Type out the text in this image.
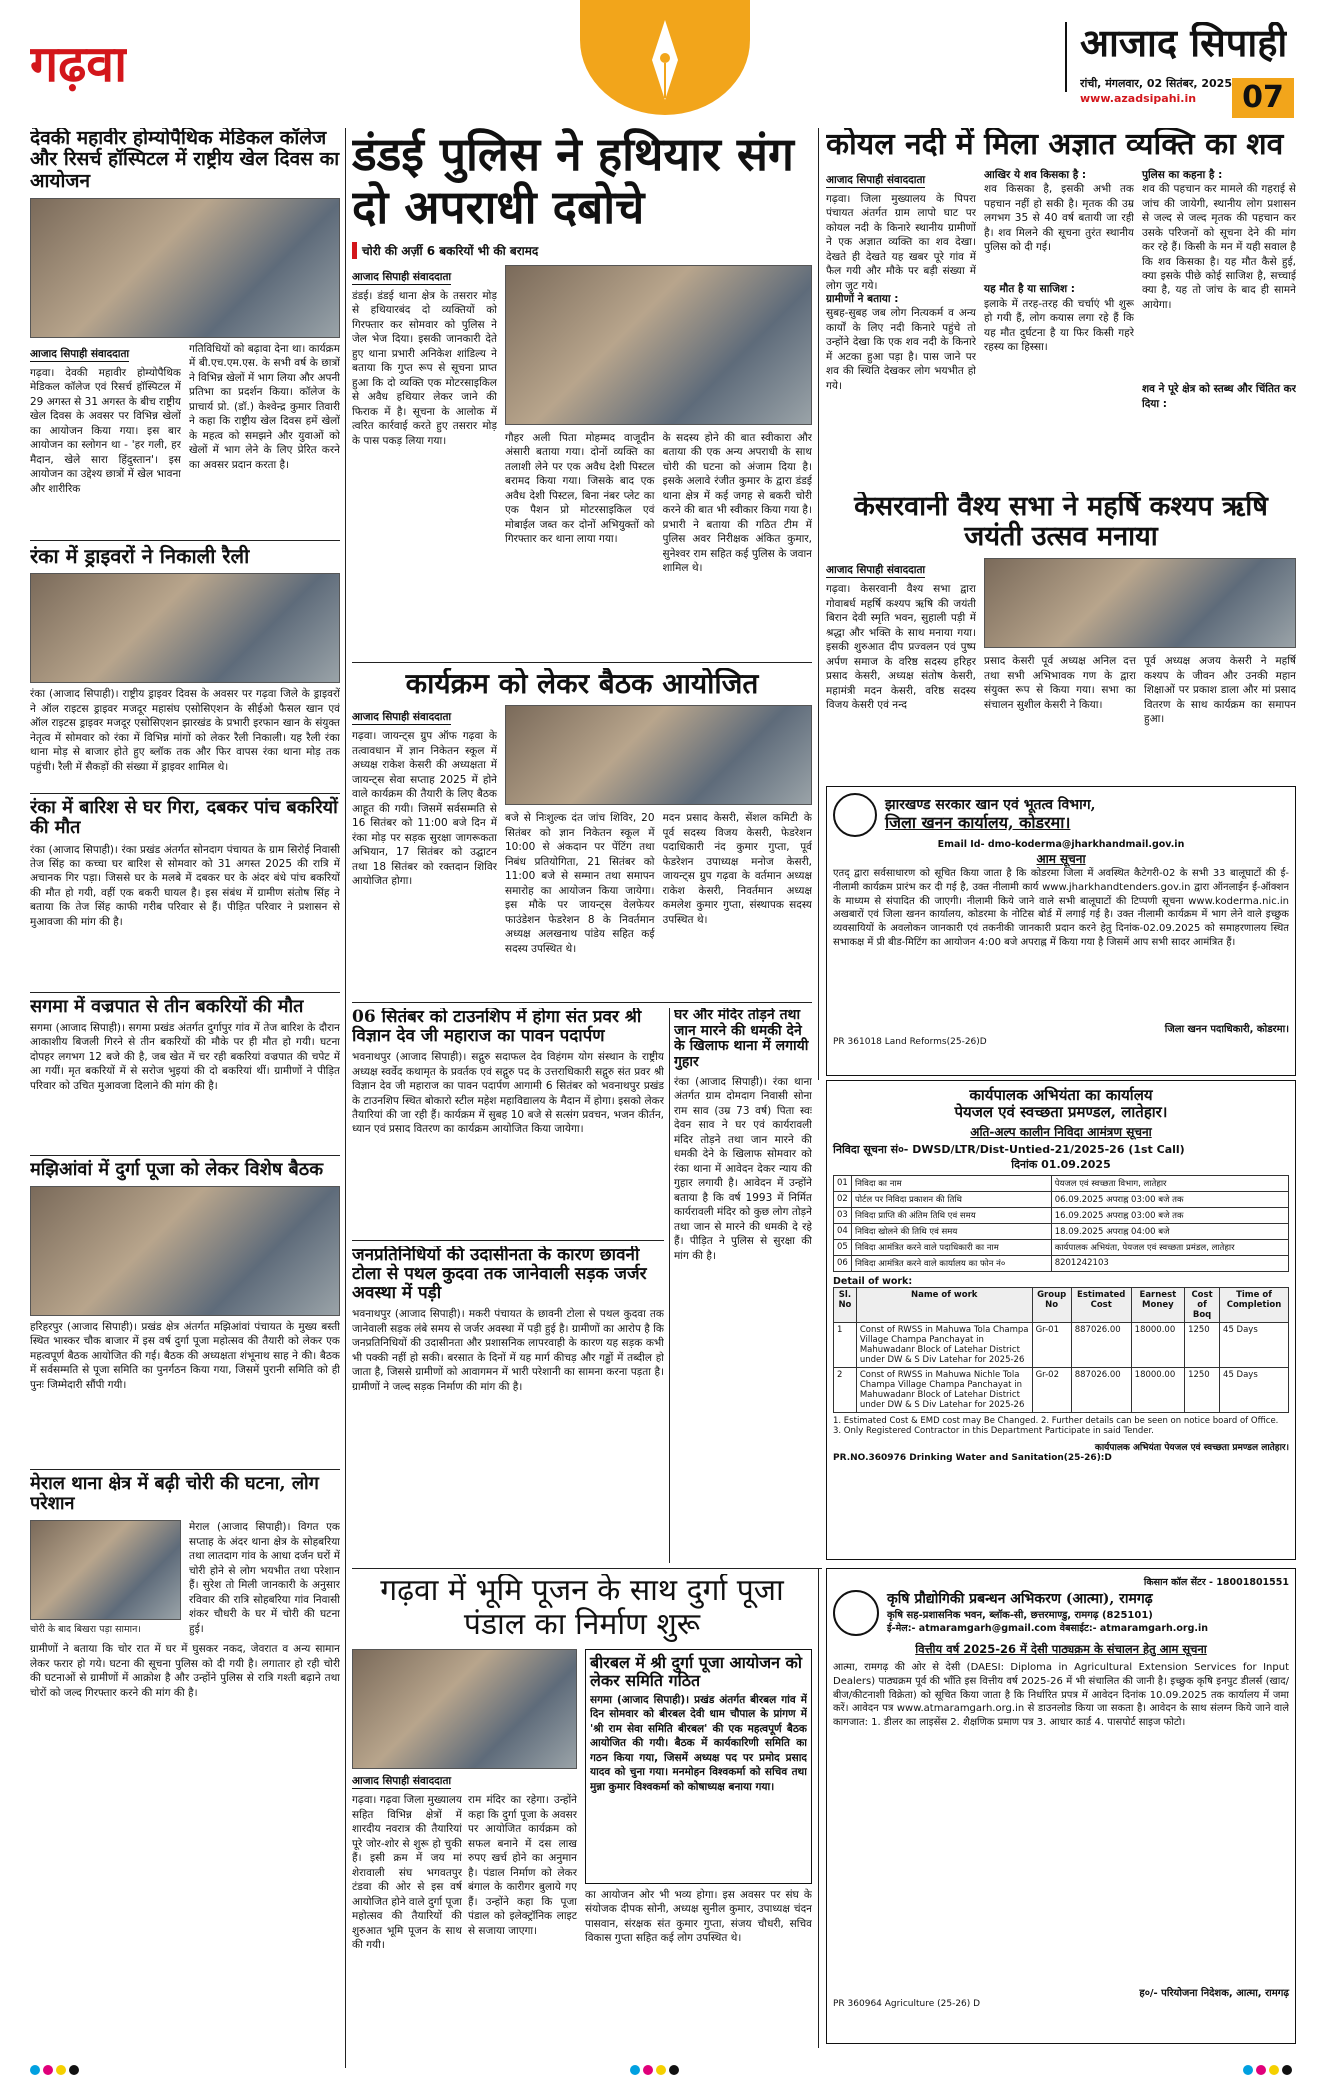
गढ़वा	आजाद सिपाही
रांची, मंगलवार, 02 सितंबर, 2025
www.azadsipahi.in	07
देवकी महावीर होम्योपैथिक मेडिकल कॉलेज और रिसर्च हॉस्पिटल में राष्ट्रीय खेल दिवस का आयोजन
आजाद सिपाही संवाददाता
गढ़वा। देवकी महावीर होम्योपैथिक मेडिकल कॉलेज एवं रिसर्च हॉस्पिटल में 29 अगस्त से 31 अगस्त के बीच राष्ट्रीय खेल दिवस के अवसर पर विभिन्न खेलों का आयोजन किया गया। इस बार आयोजन का स्लोगन था - 'हर गली, हर मैदान, खेले सारा हिंदुस्तान'। इस आयोजन का उद्देश्य छात्रों में खेल भावना और शारीरिक
गतिविधियों को बढ़ावा देना था। कार्यक्रम में बी.एच.एम.एस. के सभी वर्ष के छात्रों ने विभिन्न खेलों में भाग लिया और अपनी प्रतिभा का प्रदर्शन किया। कॉलेज के प्राचार्य प्रो. (डॉ.) केश्वेन्द्र कुमार तिवारी ने कहा कि राष्ट्रीय खेल दिवस हमें खेलों के महत्व को समझने और युवाओं को खेलों में भाग लेने के लिए प्रेरित करने का अवसर प्रदान करता है।
रंका में ड्राइवरों ने निकाली रैली
रंका (आजाद सिपाही)। राष्ट्रीय ड्राइवर दिवस के अवसर पर गढ़वा जिले के ड्राइवरों ने ऑल राइटस ड्राइवर मजदूर महासंघ एसोसिएशन के सीईओ फैसल खान एवं ऑल राइटस ड्राइवर मजदूर एसोसिएशन झारखंड के प्रभारी इरफान खान के संयुक्त नेतृत्व में सोमवार को रंका में विभिन्न मांगों को लेकर रैली निकाली। यह रैली रंका थाना मोड़ से बाजार होते हुए ब्लॉक तक और फिर वापस रंका थाना मोड़ तक पहुंची। रैली में सैकड़ों की संख्या में ड्राइवर शामिल थे।
रंका में बारिश से घर गिरा, दबकर पांच बकरियों की मौत
रंका (आजाद सिपाही)। रंका प्रखंड अंतर्गत सोनदाग पंचायत के ग्राम सिरोई निवासी तेज सिंह का कच्चा घर बारिश से सोमवार को 31 अगस्त 2025 की रात्रि में अचानक गिर पड़ा। जिससे घर के मलबे में दबकर घर के अंदर बंधे पांच बकरियों की मौत हो गयी, वहीं एक बकरी घायल है। इस संबंध में ग्रामीण संतोष सिंह ने बताया कि तेज सिंह काफी गरीब परिवार से हैं। पीड़ित परिवार ने प्रशासन से मुआवजा की मांग की है।
सगमा में वज्रपात से तीन बकरियों की मौत
सगमा (आजाद सिपाही)। सगमा प्रखंड अंतर्गत दुर्गापुर गांव में तेज बारिश के दौरान आकाशीय बिजली गिरने से तीन बकरियों की मौके पर ही मौत हो गयी। घटना दोपहर लगभग 12 बजे की है, जब खेत में चर रही बकरियां वज्रपात की चपेट में आ गयीं। मृत बकरियों में से सरोज भुइयां की दो बकरियां थीं। ग्रामीणों ने पीड़ित परिवार को उचित मुआवजा दिलाने की मांग की है।
मझिआंवां में दुर्गा पूजा को लेकर विशेष बैठक
हरिहरपुर (आजाद सिपाही)। प्रखंड क्षेत्र अंतर्गत मझिआंवां पंचायत के मुख्य बस्ती स्थित भास्कर चौक बाजार में इस वर्ष दुर्गा पूजा महोत्सव की तैयारी को लेकर एक महत्वपूर्ण बैठक आयोजित की गई। बैठक की अध्यक्षता शंभूनाथ साह ने की। बैठक में सर्वसम्मति से पूजा समिति का पुनर्गठन किया गया, जिसमें पुरानी समिति को ही पुनः जिम्मेदारी सौंपी गयी।
मेराल थाना क्षेत्र में बढ़ी चोरी की घटना, लोग परेशान
चोरी के बाद बिखरा पड़ा सामान।
मेराल (आजाद सिपाही)। विगत एक सप्ताह के अंदर थाना क्षेत्र के सोहबरिया तथा लातदाग गांव के आधा दर्जन घरों में चोरी होने से लोग भयभीत तथा परेशान हैं। सुरेश तो मिली जानकारी के अनुसार रविवार की रात्रि सोहबरिया गांव निवासी शंकर चौधरी के घर में चोरी की घटना हुई।
ग्रामीणों ने बताया कि चोर रात में घर में घुसकर नकद, जेवरात व अन्य सामान लेकर फरार हो गये। घटना की सूचना पुलिस को दी गयी है। लगातार हो रही चोरी की घटनाओं से ग्रामीणों में आक्रोश है और उन्होंने पुलिस से रात्रि गश्ती बढ़ाने तथा चोरों को जल्द गिरफ्तार करने की मांग की है।
डंडई पुलिस ने हथियार संग दो अपराधी दबोचे
चोरी की अर्ज़ी 6 बकरियों भी की बरामद
आजाद सिपाही संवाददाता
डंडई। डंडई थाना क्षेत्र के तसरार मोड़ से हथियारबंद दो व्यक्तियों को गिरफ्तार कर सोमवार को पुलिस ने जेल भेज दिया। इसकी जानकारी देते हुए थाना प्रभारी अनिकेश शांडिल्य ने बताया कि गुप्त रूप से सूचना प्राप्त हुआ कि दो व्यक्ति एक मोटरसाइकिल से अवैध हथियार लेकर जाने की फिराक में है। सूचना के आलोक में त्वरित कार्रवाई करते हुए तसरार मोड़ के पास पकड़ लिया गया।	गौहर अली पिता मोहम्मद वाजूदीन अंसारी बताया गया। दोनों व्यक्ति का तलाशी लेने पर एक अवैध देशी पिस्टल बरामद किया गया। जिसके बाद एक अवैध देशी पिस्टल, बिना नंबर प्लेट का एक पैशन प्रो मोटरसाइकिल एवं मोबाईल जब्त कर दोनों अभियुक्तों को गिरफ्तार कर थाना लाया गया।
के सदस्य होने की बात स्वीकारा और बताया की एक अन्य अपराधी के साथ चोरी की घटना को अंजाम दिया है। इसके अलावे रंजीत कुमार के द्वारा डंडई थाना क्षेत्र में कई जगह से बकरी चोरी करने की बात भी स्वीकार किया गया है। प्रभारी ने बताया की गठित टीम में पुलिस अवर निरीक्षक अंकित कुमार, सुनेश्वर राम सहित कई पुलिस के जवान शामिल थे।
कार्यक्रम को लेकर बैठक आयोजित
आजाद सिपाही संवाददाता
गढ़वा। जायन्ट्स ग्रुप ऑफ गढ़वा के तत्वावधान में ज्ञान निकेतन स्कूल में अध्यक्ष राकेश केसरी की अध्यक्षता में जायन्ट्स सेवा सप्ताह 2025 में होने वाले कार्यक्रम की तैयारी के लिए बैठक आहूत की गयी। जिसमें सर्वसम्मति से 16 सितंबर को 11:00 बजे दिन में रंका मोड़ पर सड़क सुरक्षा जागरूकता अभियान, 17 सितंबर को उद्घाटन तथा 18 सितंबर को रक्तदान शिविर आयोजित होगा।
बजे से निःशुल्क दंत जांच शिविर, 20 सितंबर को ज्ञान निकेतन स्कूल में 10:00 से अंकदान पर पेंटिंग तथा निबंध प्रतियोगिता, 21 सितंबर को 11:00 बजे से सम्मान तथा समापन समारोह का आयोजन किया जायेगा। इस मौके पर जायन्ट्स वेलफेयर फाउंडेशन फेडरेशन 8 के निवर्तमान अध्यक्ष अलखनाथ पांडेय सहित कई सदस्य उपस्थित थे।
मदन प्रसाद केसरी, सेंशल कमिटी के पूर्व सदस्य विजय केसरी, फेडरेशन पदाधिकारी नंद कुमार गुप्ता, पूर्व फेडरेशन उपाध्यक्ष मनोज केसरी, जायन्ट्स ग्रुप गढ़वा के वर्तमान अध्यक्ष राकेश केसरी, निवर्तमान अध्यक्ष कमलेश कुमार गुप्ता, संस्थापक सदस्य उपस्थित थे।
06 सितंबर को टाउनशिप में होगा संत प्रवर श्री विज्ञान देव जी महाराज का पावन पदार्पण
भवनाथपुर (आजाद सिपाही)। सद्गुरु सदाफल देव विहंगम योग संस्थान के राष्ट्रीय अध्यक्ष स्वर्वेद कथामृत के प्रवर्तक एवं सद्गुरु पद के उत्तराधिकारी सद्गुरु संत प्रवर श्री विज्ञान देव जी महाराज का पावन पदार्पण आगामी 6 सितंबर को भवनाथपुर प्रखंड के टाउनशिप स्थित बोकारो स्टील महेश महाविद्यालय के मैदान में होगा। इसको लेकर तैयारियां की जा रही हैं। कार्यक्रम में सुबह 10 बजे से सत्संग प्रवचन, भजन कीर्तन, ध्यान एवं प्रसाद वितरण का कार्यक्रम आयोजित किया जायेगा।
घर और मंदिर तोड़ने तथा जान मारने की धमकी देने के खिलाफ थाना में लगायी गुहार
रंका (आजाद सिपाही)। रंका थाना अंतर्गत ग्राम दोमदाग निवासी सोना राम साव (उम्र 73 वर्ष) पिता स्वः देवन साव ने घर एवं कार्यरावली मंदिर तोड़ने तथा जान मारने की धमकी देने के खिलाफ सोमवार को रंका थाना में आवेदन देकर न्याय की गुहार लगायी है। आवेदन में उन्होंने बताया है कि वर्ष 1993 में निर्मित कार्यरावली मंदिर को कुछ लोग तोड़ने तथा जान से मारने की धमकी दे रहे हैं। पीड़ित ने पुलिस से सुरक्षा की मांग की है।
जनप्रतिनिधियों की उदासीनता के कारण छावनी टोला से पथल कुदवा तक जानेवाली सड़क जर्जर अवस्था में पड़ी
भवनाथपुर (आजाद सिपाही)। मकरी पंचायत के छावनी टोला से पथल कुदवा तक जानेवाली सड़क लंबे समय से जर्जर अवस्था में पड़ी हुई है। ग्रामीणों का आरोप है कि जनप्रतिनिधियों की उदासीनता और प्रशासनिक लापरवाही के कारण यह सड़क कभी भी पक्की नहीं हो सकी। बरसात के दिनों में यह मार्ग कीचड़ और गड्ढों में तब्दील हो जाता है, जिससे ग्रामीणों को आवागमन में भारी परेशानी का सामना करना पड़ता है। ग्रामीणों ने जल्द सड़क निर्माण की मांग की है।
कोयल नदी में मिला अज्ञात व्यक्ति का शव
आजाद सिपाही संवाददाता
गढ़वा। जिला मुख्यालय के पिपरा पंचायत अंतर्गत ग्राम लापो घाट पर कोयल नदी के किनारे स्थानीय ग्रामीणों ने एक अज्ञात व्यक्ति का शव देखा। देखते ही देखते यह खबर पूरे गांव में फैल गयी और मौके पर बड़ी संख्या में लोग जुट गये।
ग्रामीणों ने बताया :
सुबह-सुबह जब लोग नित्यकर्म व अन्य कार्यों के लिए नदी किनारे पहुंचे तो उन्होंने देखा कि एक शव नदी के किनारे में अटका हुआ पड़ा है। पास जाने पर शव की स्थिति देखकर लोग भयभीत हो गये।
आखिर ये शव किसका है :
शव किसका है, इसकी अभी तक पहचान नहीं हो सकी है। मृतक की उम्र लगभग 35 से 40 वर्ष बतायी जा रही है। शव मिलने की सूचना तुरंत स्थानीय पुलिस को दी गई।
यह मौत है या साजिश :
इलाके में तरह-तरह की चर्चाएं भी शुरू हो गयी हैं, लोग कयास लगा रहे हैं कि यह मौत दुर्घटना है या फिर किसी गहरे रहस्य का हिस्सा।
पुलिस का कहना है :
शव की पहचान कर मामले की गहराई से जांच की जायेगी, स्थानीय लोग प्रशासन से जल्द से जल्द मृतक की पहचान कर उसके परिजनों को सूचना देने की मांग कर रहे हैं। किसी के मन में यही सवाल है कि शव किसका है। यह मौत कैसे हुई, क्या इसके पीछे कोई साजिश है, सच्चाई क्या है, यह तो जांच के बाद ही सामने आयेगा।
शव ने पूरे क्षेत्र को स्तब्ध और चिंतित कर दिया :
केसरवानी वैश्य सभा ने महर्षि कश्यप ऋषि जयंती उत्सव मनाया
आजाद सिपाही संवाददाता
गढ़वा। केसरवानी वैश्य सभा द्वारा गोवाबर्ध महर्षि कश्यप ऋषि की जयंती बिरान देवी स्मृति भवन, सुहाली पड़ी में श्रद्धा और भक्ति के साथ मनाया गया। इसकी शुरुआत दीप प्रज्वलन एवं पुष्प अर्पण समाज के वरिष्ठ सदस्य हरिहर प्रसाद केसरी, अध्यक्ष संतोष केसरी, महामंत्री मदन केसरी, वरिष्ठ सदस्य विजय केसरी एवं नन्द
प्रसाद केसरी पूर्व अध्यक्ष अनिल दत्त तथा सभी अभिभावक गण के द्वारा संयुक्त रूप से किया गया। सभा का संचालन सुशील केसरी ने किया।
पूर्व अध्यक्ष अजय केसरी ने महर्षि कश्यप के जीवन और उनकी महान शिक्षाओं पर प्रकाश डाला और मां प्रसाद वितरण के साथ कार्यक्रम का समापन हुआ।
झारखण्ड सरकार खान एवं भूतत्व विभाग,
जिला खनन कार्यालय, कोडरमा।
Email Id- dmo-koderma@jharkhandmail.gov.in
आम सूचना
एतद् द्वारा सर्वसाधारण को सूचित किया जाता है कि कोडरमा जिला में अवस्थित कैटेगरी-02 के सभी 33 बालूघाटों की ई-नीलामी कार्यक्रम प्रारंभ कर दी गई है, उक्त नीलामी कार्य www.jharkhandtenders.gov.in द्वारा ऑनलाईन ई-ऑक्शन के माध्यम से संपादित की जाएगी। नीलामी किये जाने वाले सभी बालूघाटों की टिप्पणी सूचना www.koderma.nic.in अखबारों एवं जिला खनन कार्यालय, कोडरमा के नोटिस बोर्ड में लगाई गई है। उक्त नीलामी कार्यक्रम में भाग लेने वाले इच्छुक व्यवसायियों के अवलोकन जानकारी एवं तकनीकी जानकारी प्रदान करने हेतु दिनांक-02.09.2025 को समाहरणालय स्थित सभाकक्ष में प्री बीड-मिटिंग का आयोजन 4:00 बजे अपराह्न में किया गया है जिसमें आप सभी सादर आमंत्रित हैं।
जिला खनन पदाधिकारी, कोडरमा।
PR 361018 Land Reforms(25-26)D
कार्यपालक अभियंता का कार्यालय
पेयजल एवं स्वच्छता प्रमण्डल, लातेहार।
अति-अल्प कालीन निविदा आमंत्रण सूचना
निविदा सूचना सं०- DWSD/LTR/Dist-Untied-21/2025-26 (1st Call)
दिनांक 01.09.2025
01	निविदा का नाम	पेयजल एवं स्वच्छता विभाग, लातेहार
02	पोर्टल पर निविदा प्रकाशन की तिथि	06.09.2025 अपराह्न 03:00 बजे तक
03	निविदा प्राप्ति की अंतिम तिथि एवं समय	16.09.2025 अपराह्न 03:00 बजे तक
04	निविदा खोलने की तिथि एवं समय	18.09.2025 अपराह्न 04:00 बजे
05	निविदा आमंत्रित करने वाले पदाधिकारी का नाम	कार्यपालक अभियंता, पेयजल एवं स्वच्छता प्रमंडल, लातेहार
06	निविदा आमंत्रित करने वाले कार्यालय का फोन नं०	8201242103
Detail of work:
Sl. No	Name of work	Group No	Estimated Cost	Earnest Money	Cost of Boq	Time of Completion
1	Const of RWSS in Mahuwa Tola Champa Village Champa Panchayat in Mahuwadanr Block of Latehar District under DW & S Div Latehar for 2025-26	Gr-01	887026.00	18000.00	1250	45 Days
2	Const of RWSS in Mahuwa Nichle Tola Champa Village Champa Panchayat in Mahuwadanr Block of Latehar District under DW & S Div Latehar for 2025-26	Gr-02	887026.00	18000.00	1250	45 Days
1. Estimated Cost & EMD cost may Be Changed. 2. Further details can be seen on notice board of Office. 3. Only Registered Contractor in this Department Participate in said Tender.
कार्यपालक अभियंता पेयजल एवं स्वच्छता प्रमण्डल लातेहार।
PR.NO.360976 Drinking Water and Sanitation(25-26):D
गढ़वा में भूमि पूजन के साथ दुर्गा पूजा पंडाल का निर्माण शुरू
आजाद सिपाही संवाददाता
गढ़वा। गढ़वा जिला मुख्यालय सहित विभिन्न क्षेत्रों में शारदीय नवरात्र की तैयारियां पूरे जोर-शोर से शुरू हो चुकी हैं। इसी क्रम में जय मां शेरावाली संघ भगवतपुर टंडवा की ओर से इस वर्ष आयोजित होने वाले दुर्गा पूजा महोत्सव की तैयारियों की शुरुआत भूमि पूजन के साथ की गयी।
राम मंदिर का रहेगा। उन्होंने कहा कि दुर्गा पूजा के अवसर पर आयोजित कार्यक्रम को सफल बनाने में दस लाख रुपए खर्च होने का अनुमान है। पंडाल निर्माण को लेकर बंगाल के कारीगर बुलाये गए हैं। उन्होंने कहा कि पूजा पंडाल को इलेक्ट्रॉनिक लाइट से सजाया जाएगा।
बीरबल में श्री दुर्गा पूजा आयोजन को लेकर समिति गठित
सगमा (आजाद सिपाही)। प्रखंड अंतर्गत बीरबल गांव में दिन सोमवार को बीरबल देवी धाम चौपाल के प्रांगण में 'श्री राम सेवा समिति बीरबल' की एक महत्वपूर्ण बैठक आयोजित की गयी। बैठक में कार्यकारिणी समिति का गठन किया गया, जिसमें अध्यक्ष पद पर प्रमोद प्रसाद यादव को चुना गया। मनमोहन विश्वकर्मा को सचिव तथा मुन्ना कुमार विश्वकर्मा को कोषाध्यक्ष बनाया गया।
का आयोजन ओर भी भव्य होगा। इस अवसर पर संघ के संयोजक दीपक सोनी, अध्यक्ष सुनील कुमार, उपाध्यक्ष चंदन पासवान, संरक्षक संत कुमार गुप्ता, संजय चौधरी, सचिव विकास गुप्ता सहित कई लोग उपस्थित थे।
किसान कॉल सेंटर - 18001801551
कृषि प्रौद्योगिकी प्रबन्धन अभिकरण (आत्मा), रामगढ़
कृषि सह-प्रशासनिक भवन, ब्लॉक-सी, छत्तरमाण्डु, रामगढ़ (825101)
ई-मेल:- atmaramgarh@gmail.com वेबसाईट:- atmaramgarh.org.in
वित्तीय वर्ष 2025-26 में देसी पाठ्यक्रम के संचालन हेतु आम सूचना
आत्मा, रामगढ़ की ओर से देसी (DAESI: Diploma in Agricultural Extension Services for Input Dealers) पाठ्यक्रम पूर्व की भाँति इस वित्तीय वर्ष 2025-26 में भी संचालित की जानी है। इच्छुक कृषि इनपुट डीलर्स (खाद/बीज/कीटनाशी विक्रेता) को सूचित किया जाता है कि निर्धारित प्रपत्र में आवेदन दिनांक 10.09.2025 तक कार्यालय में जमा करें। आवेदन पत्र www.atmaramgarh.org.in से डाउनलोड किया जा सकता है। आवेदन के साथ संलग्न किये जाने वाले कागजात: 1. डीलर का लाइसेंस 2. शैक्षणिक प्रमाण पत्र 3. आधार कार्ड 4. पासपोर्ट साइज फोटो।
ह०/- परियोजना निदेशक, आत्मा, रामगढ़
PR 360964 Agriculture (25-26) D
